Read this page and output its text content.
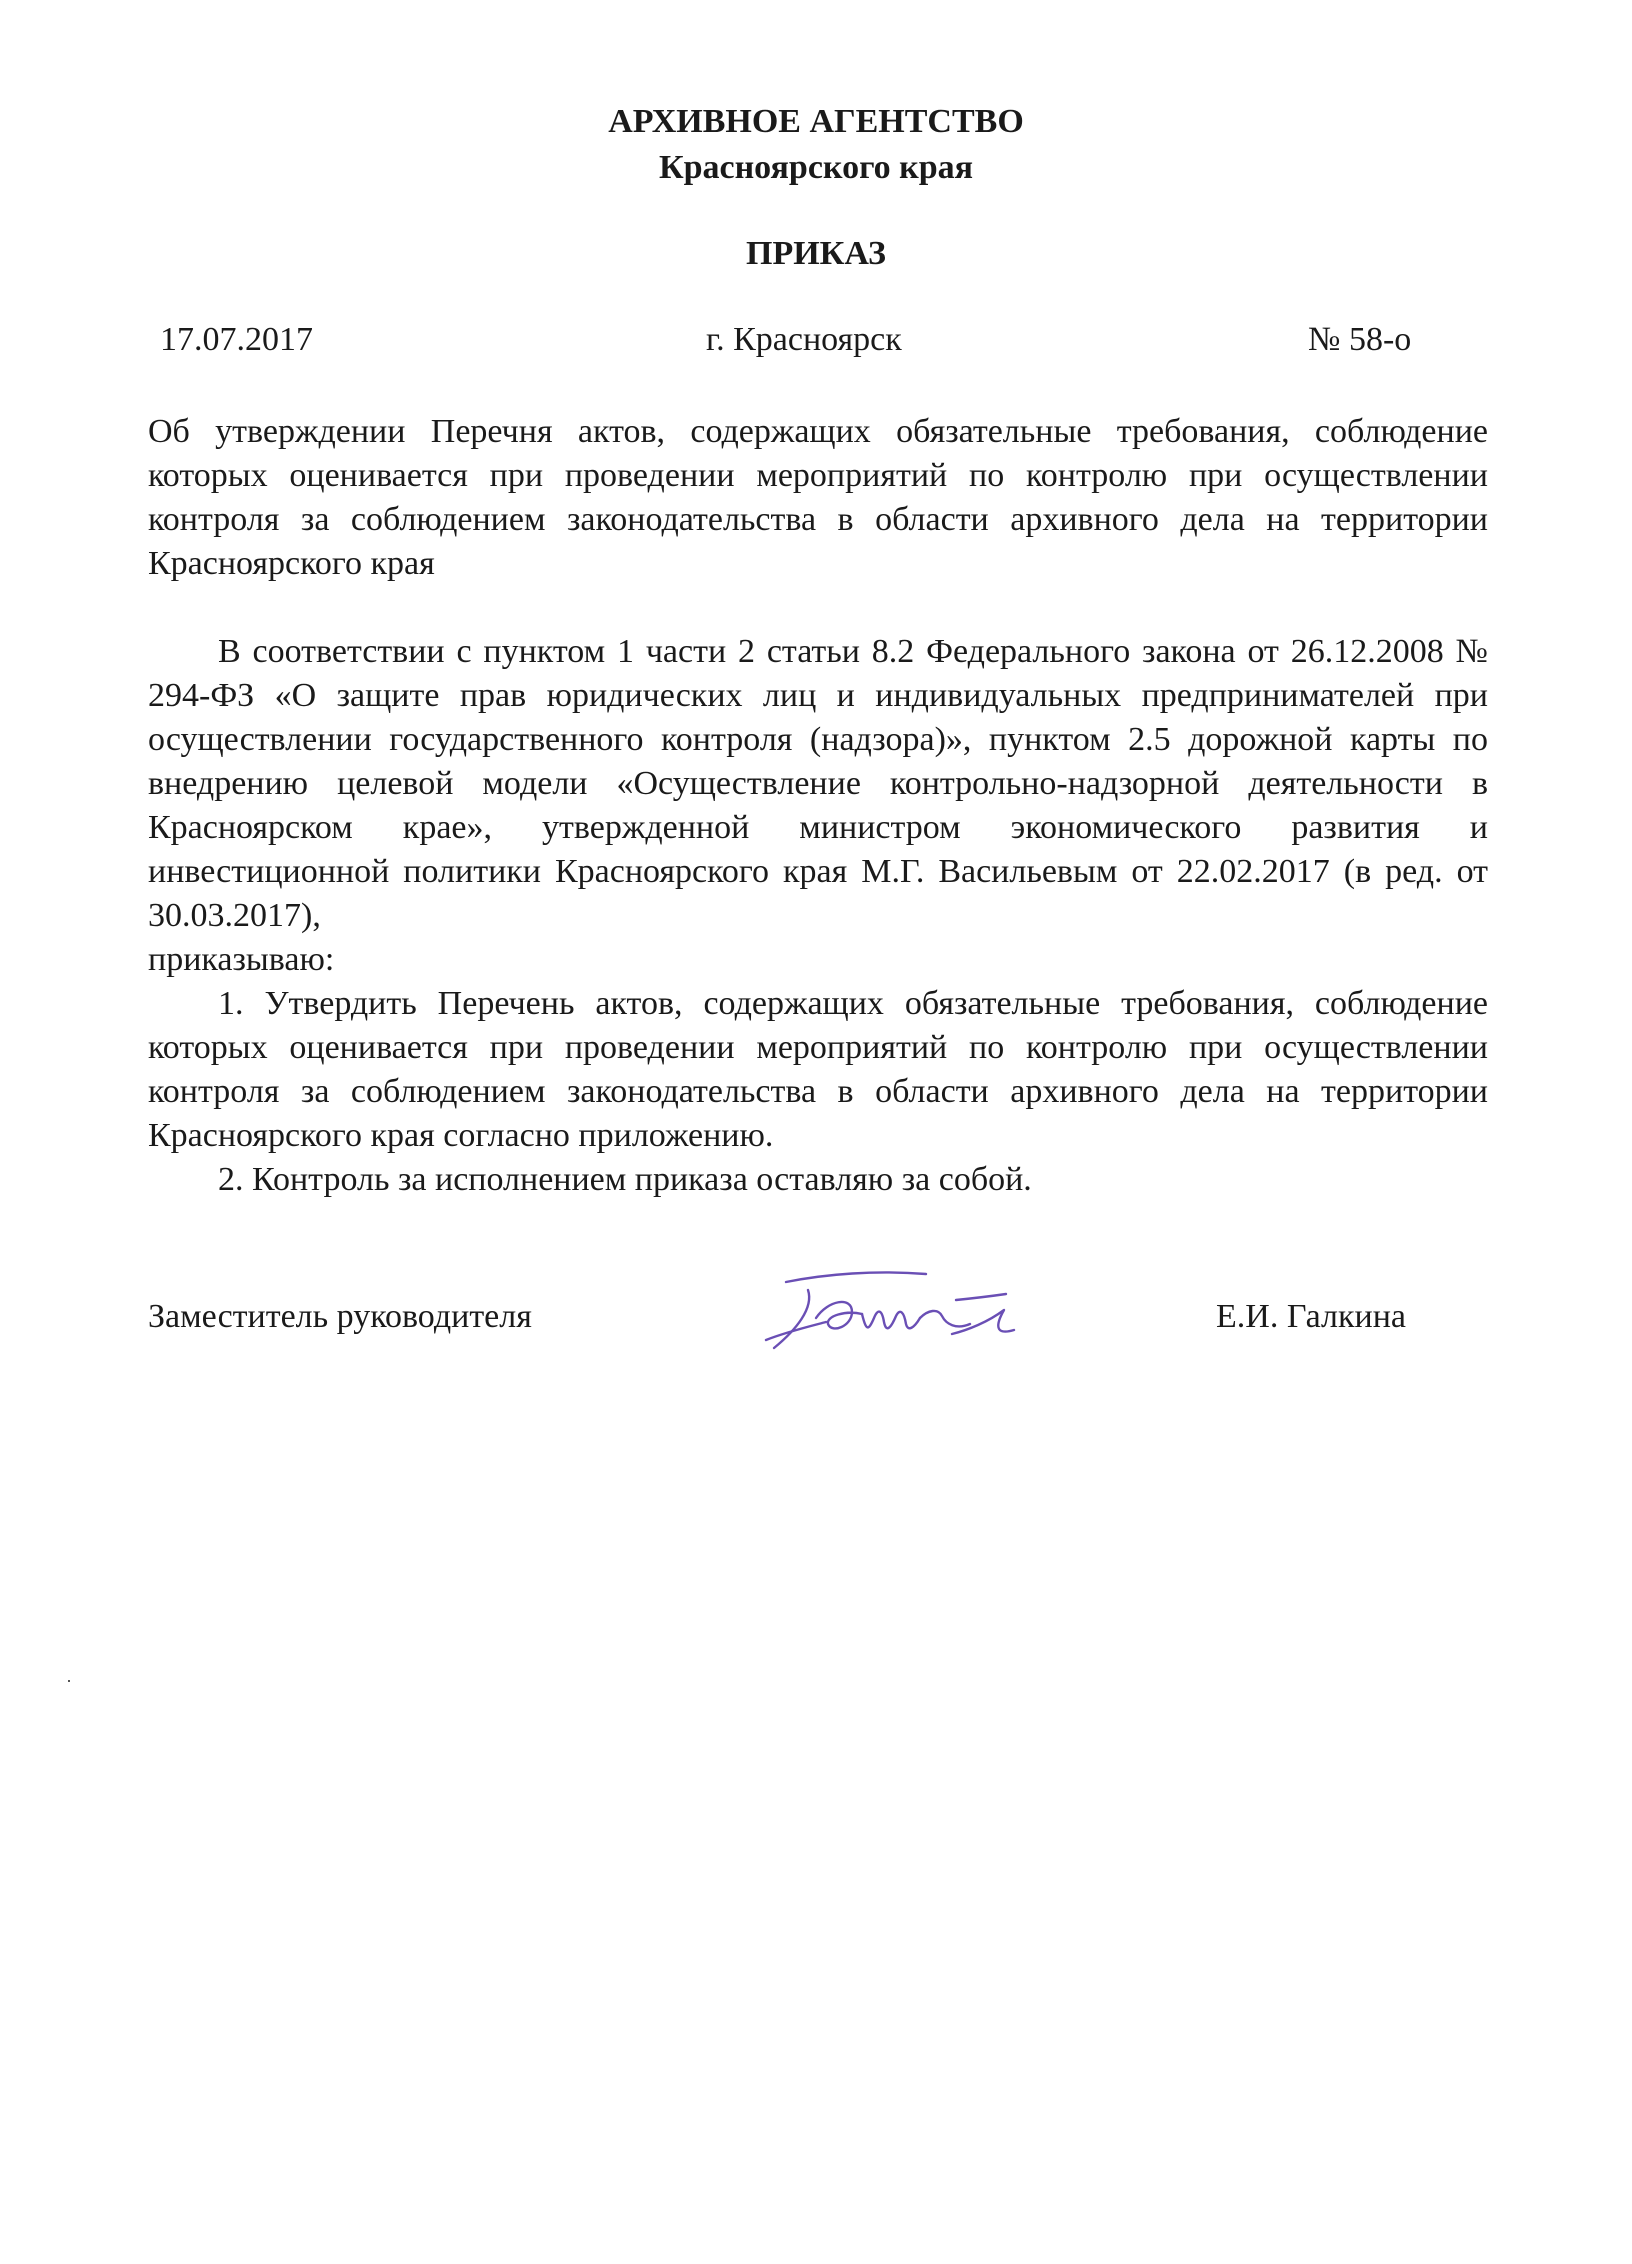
АРХИВНОЕ АГЕНТСТВО
Красноярского края
ПРИКАЗ
17.07.2017	г. Красноярск	№ 58-о

Об утверждении Перечня актов, содержащих обязательные требования, соблюдение которых оценивается при проведении мероприятий по контролю при осуществлении контроля за соблюдением законодательства в области архивного дела на территории Красноярского края

В соответствии с пунктом 1 части 2 статьи 8.2 Федерального закона от 26.12.2008 № 294-ФЗ «О защите прав юридических лиц и индивидуальных предпринимателей при осуществлении государственного контроля (надзора)», пунктом 2.5 дорожной карты по внедрению целевой модели «Осуществление контрольно-надзорной деятельности в Красноярском крае», утвержденной министром экономического развития и инвестиционной политики Красноярского края М.Г. Васильевым от 22.02.2017 (в ред. от 30.03.2017),

приказываю:

1. Утвердить Перечень актов, содержащих обязательные требования, соблюдение которых оценивается при проведении мероприятий по контролю при осуществлении контроля за соблюдением законодательства в области архивного дела на территории Красноярского края согласно приложению.

2. Контроль за исполнением приказа оставляю за собой.

Заместитель руководителя	Е.И. Галкина
